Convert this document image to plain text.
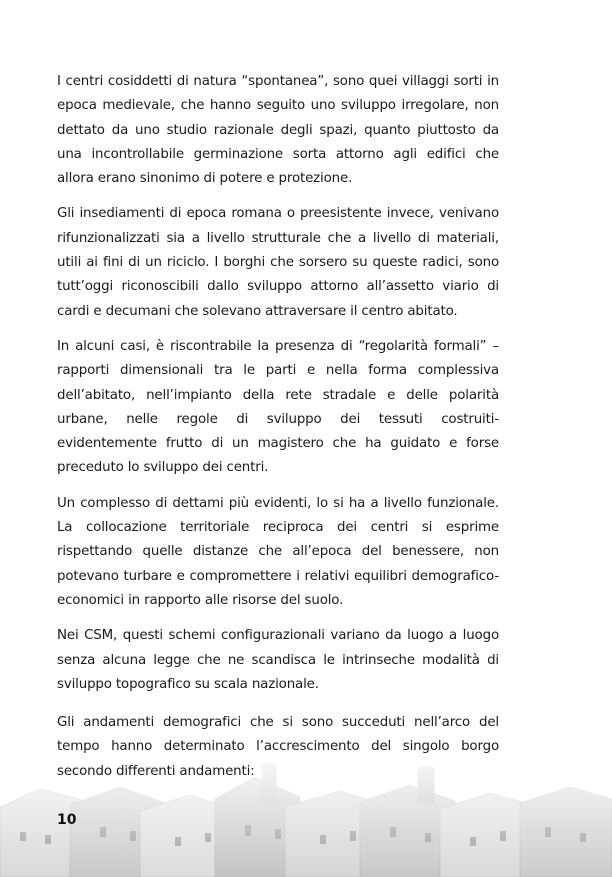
I centri cosiddetti di natura “spontanea”, sono quei villaggi sorti in epoca medievale, che hanno seguito uno sviluppo irregolare, non dettato da uno studio razionale degli spazi, quanto piuttosto da una incontrollabile germinazione sorta attorno agli edifici che allora erano sinonimo di potere e protezione.

Gli insediamenti di epoca romana o preesistente invece, venivano rifunzionalizzati sia a livello strutturale che a livello di materiali, utili ai fini di un riciclo. I borghi che sorsero su queste radici, sono tutt’oggi riconoscibili dallo sviluppo attorno all’assetto viario di cardi e decumani che solevano attraversare il centro abitato.

In alcuni casi, è riscontrabile la presenza di “regolarità formali” – rapporti dimensionali tra le parti e nella forma complessiva dell’abitato, nell’impianto della rete stradale e delle polarità urbane, nelle regole di sviluppo dei tessuti costruiti- evidentemente frutto di un magistero che ha guidato e forse preceduto lo sviluppo dei centri.

Un complesso di dettami più evidenti, lo si ha a livello funzionale. La collocazione territoriale reciproca dei centri si esprime rispettando quelle distanze che all’epoca del benessere, non potevano turbare e compromettere i relativi equilibri demografico-economici in rapporto alle risorse del suolo.

Nei CSM, questi schemi configurazionali variano da luogo a luogo senza alcuna legge che ne scandisca le intrinseche modalità di sviluppo topografico su scala nazionale.

Gli andamenti demografici che si sono succeduti nell’arco del tempo hanno determinato l’accrescimento del singolo borgo secondo differenti andamenti:

10
